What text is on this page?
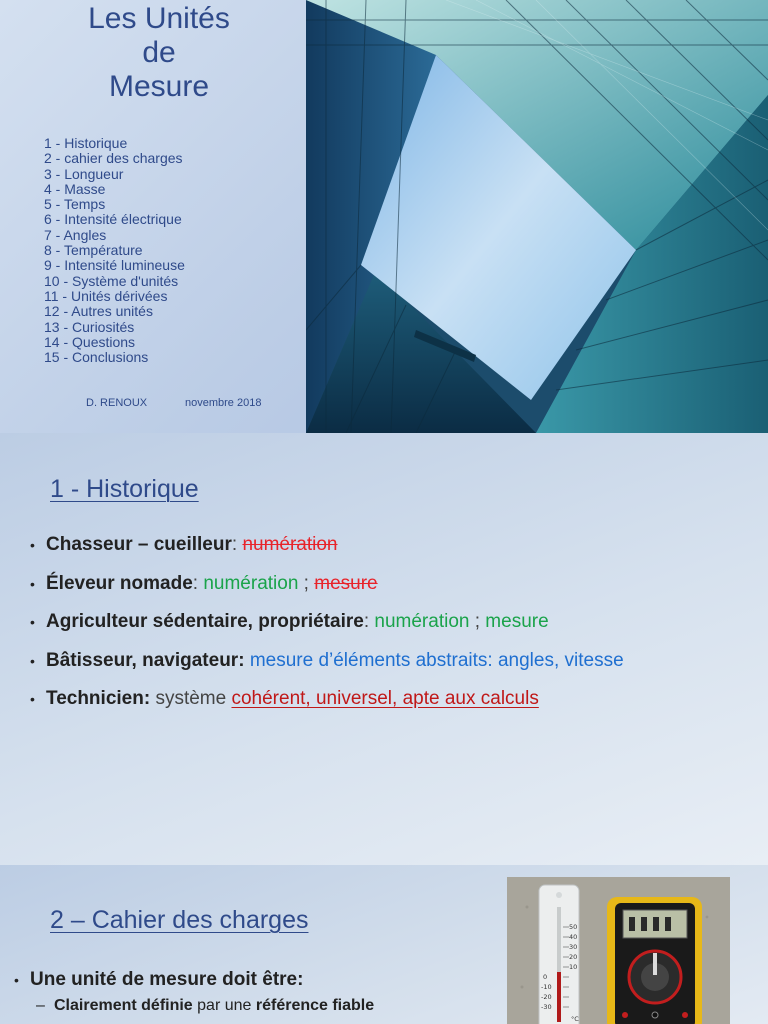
Les Unités
de
Mesure
1 - Historique
2 - cahier des charges
3 - Longueur
4 - Masse
5 - Temps
6 - Intensité électrique
7 - Angles
8 - Température
9 - Intensité lumineuse
10 - Système d'unités
11 - Unités dérivées
12 - Autres unités
13 - Curiosités
14 - Questions
15 - Conclusions
D. RENOUX	novembre 2018
1 - Historique
• Chasseur – cueilleur: numération
• Éleveur nomade: numération ; mesure
• Agriculteur sédentaire, propriétaire: numération ; mesure
• Bâtisseur, navigateur: mesure d’éléments abstraits: angles, vitesse
• Technicien: système cohérent, universel, apte aux calculs
2 – Cahier des charges
• Une unité de mesure doit être:
– Clairement définie par une référence fiable
50
40
30
20
10
0
-10
-20
-30
°C
